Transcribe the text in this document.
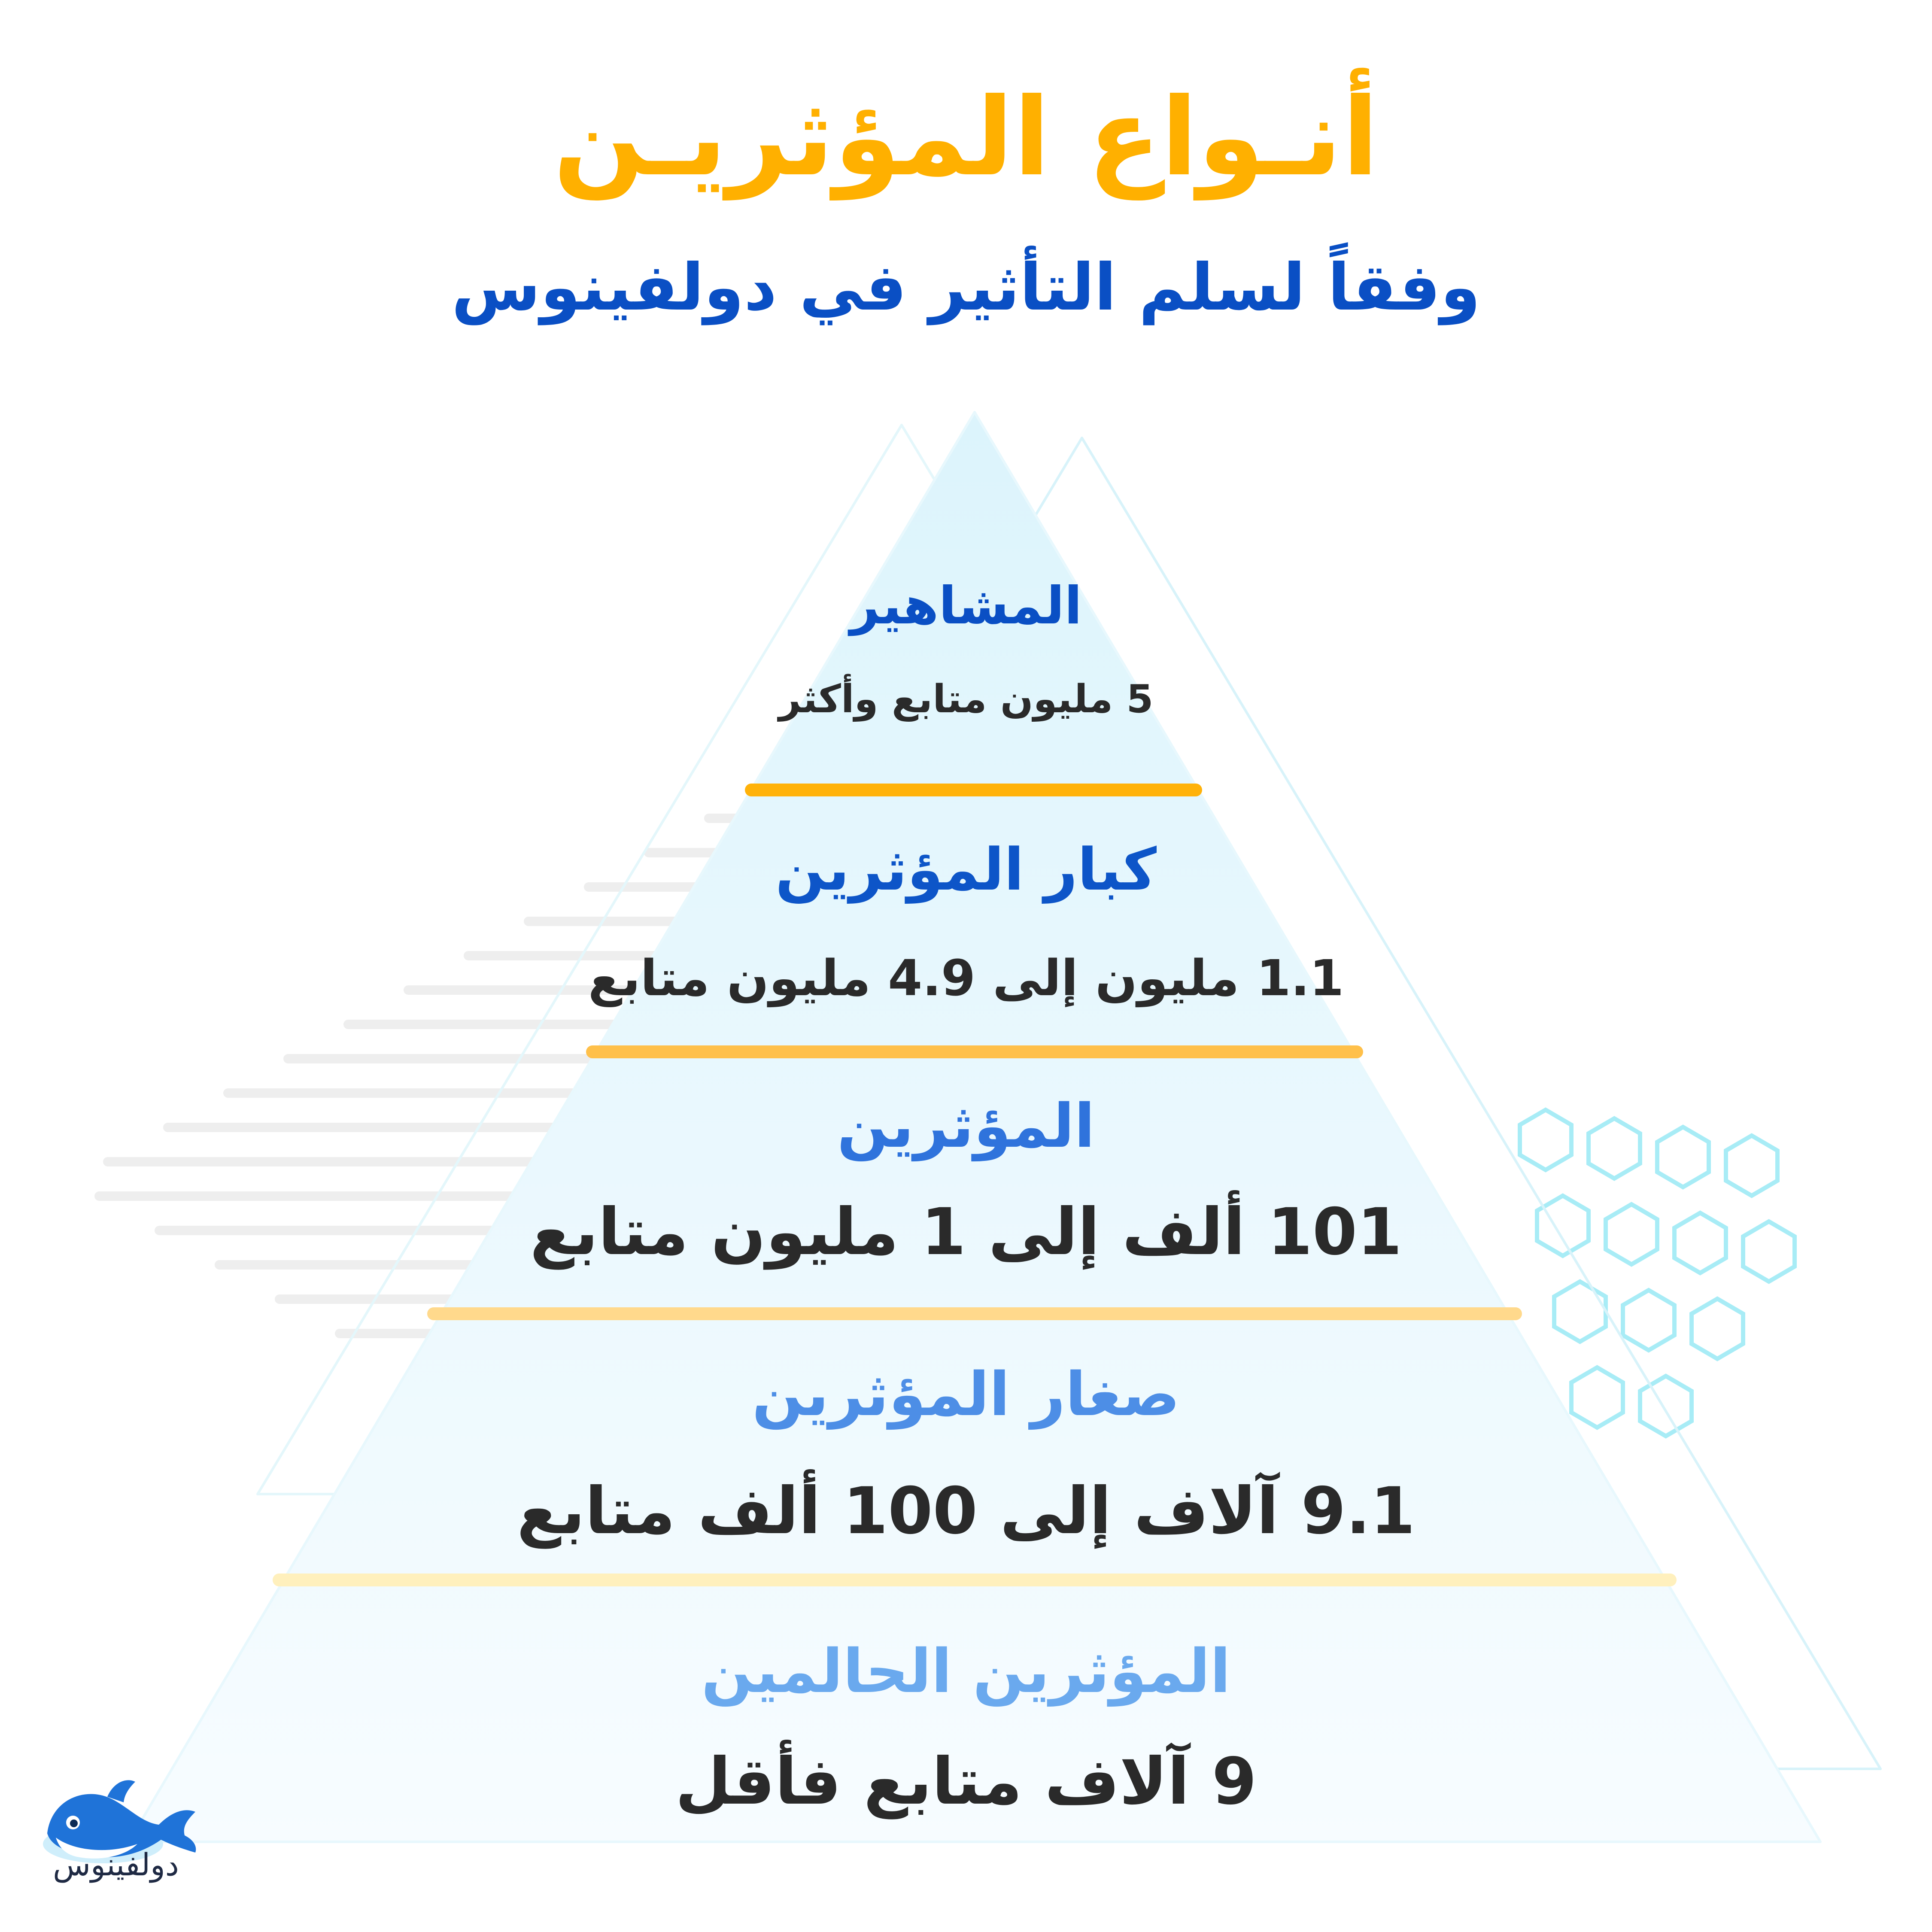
أنـواع المؤثريـن
وفقاً لسلم التأثير في دولفينوس
المشاهير
5 مليون متابع وأكثر
كبار المؤثرين
1.1 مليون إلى 4.9 مليون متابع
المؤثرين
101 ألف إلى 1 مليون متابع
صغار المؤثرين
9.1 آلاف إلى 100 ألف متابع
المؤثرين الحالمين
9 آلاف متابع فأقل
دولفينوس
